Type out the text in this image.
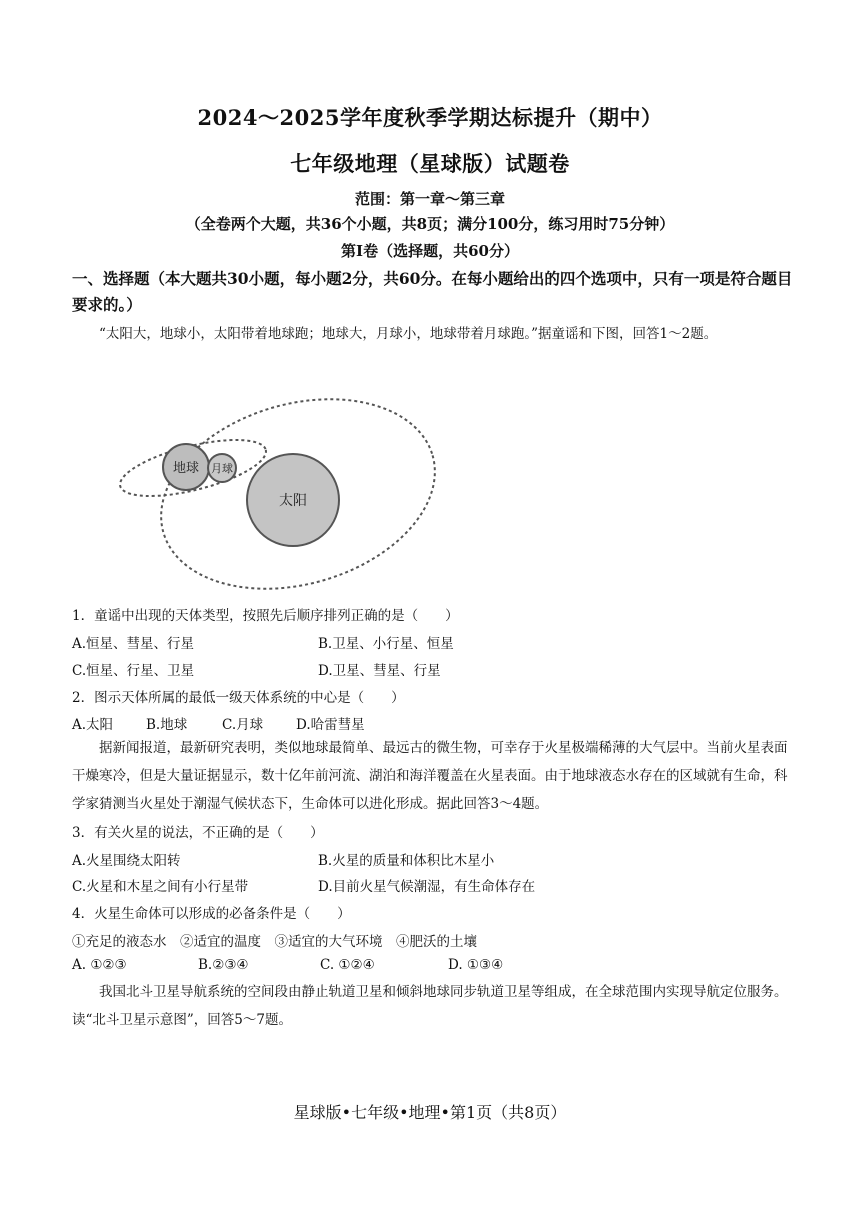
2024～2025学年度秋季学期达标提升（期中）
七年级地理（星球版）试题卷
范围：第一章～第三章
（全卷两个大题，共36个小题，共8页；满分100分，练习用时75分钟）
第Ⅰ卷（选择题，共60分）
一、选择题（本大题共30小题，每小题2分，共60分。在每小题给出的四个选项中，只有一项是符合题目要求的。）
“太阳大，地球小，太阳带着地球跑；地球大，月球小，地球带着月球跑。”据童谣和下图，回答1～2题。
地球 月球
太阳
1．童谣中出现的天体类型，按照先后顺序排列正确的是（　　）
A.恒星、彗星、行星	B.卫星、小行星、恒星
C.恒星、行星、卫星	D.卫星、彗星、行星
2．图示天体所属的最低一级天体系统的中心是（　　）
A.太阳 B.地球	C.月球 D.哈雷彗星
据新闻报道，最新研究表明，类似地球最简单、最远古的微生物，可幸存于火星极端稀薄的大气层中。当前火星表面干燥寒冷，但是大量证据显示，数十亿年前河流、湖泊和海洋覆盖在火星表面。由于地球液态水存在的区域就有生命，科学家猜测当火星处于潮湿气候状态下，生命体可以进化形成。据此回答3～4题。
3．有关火星的说法，不正确的是（　　）
A.火星围绕太阳转	B.火星的质量和体积比木星小
C.火星和木星之间有小行星带	D.目前火星气候潮湿，有生命体存在
4．火星生命体可以形成的必备条件是（　　）
①充足的液态水　②适宜的温度　③适宜的大气环境　④肥沃的土壤
A. ①②③	B.②③④	C. ①②④	D. ①③④
我国北斗卫星导航系统的空间段由静止轨道卫星和倾斜地球同步轨道卫星等组成，在全球范围内实现导航定位服务。读“北斗卫星示意图”，回答5～7题。
星球版•七年级•地理•第1页（共8页）
